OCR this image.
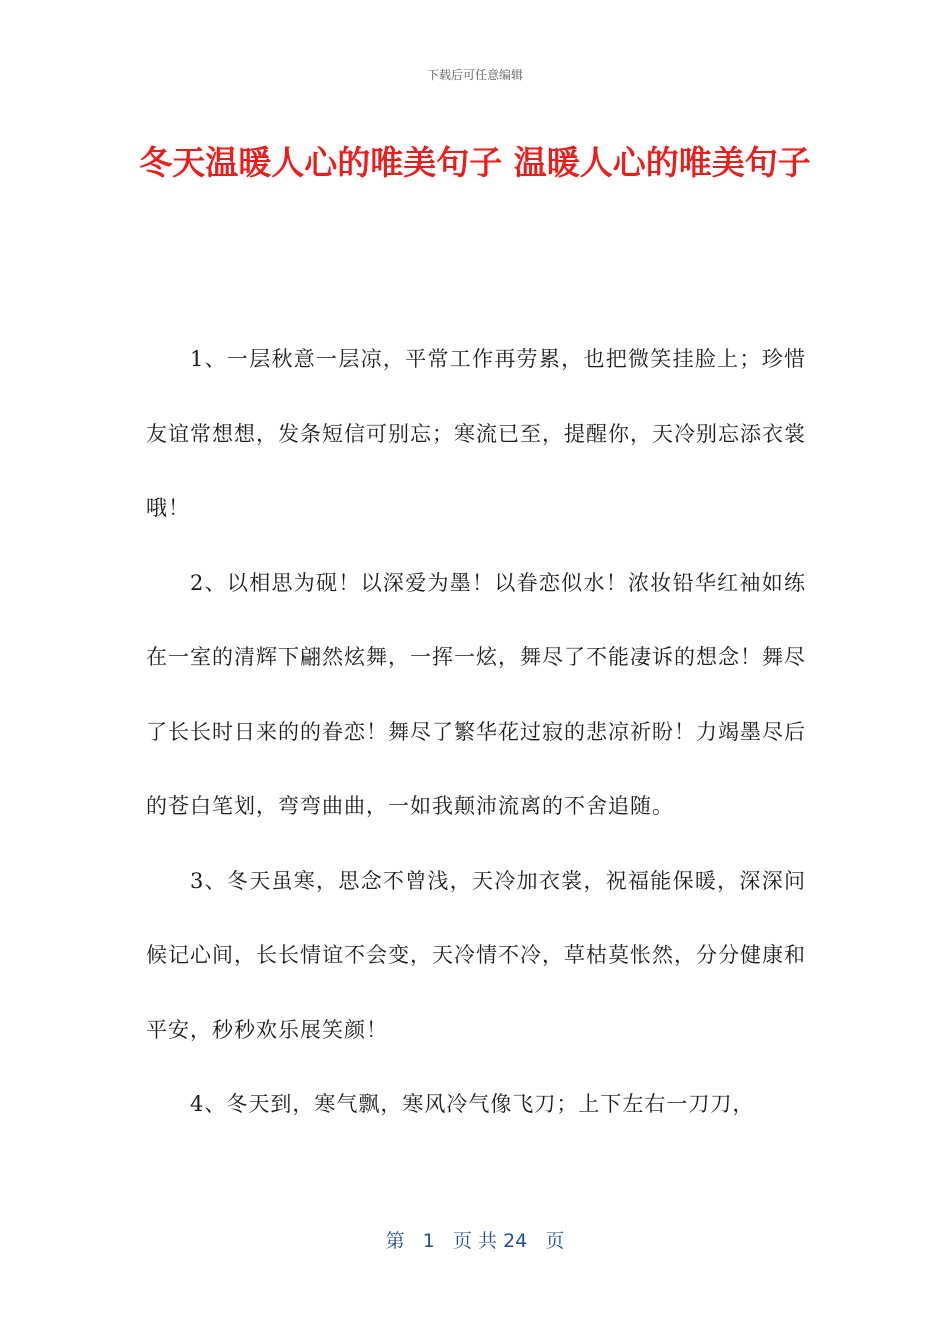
下载后可任意编辑
冬天温暖人心的唯美句子 温暖人心的唯美句子

1、一层秋意一层凉，平常工作再劳累，也把微笑挂脸上；珍惜友谊常想想，发条短信可别忘；寒流已至，提醒你，天冷别忘添衣裳哦！

2、以相思为砚！以深爱为墨！以眷恋似水！浓妆铅华红袖如练在一室的清辉下翩然炫舞，一挥一炫，舞尽了不能凄诉的想念！舞尽了长长时日来的的眷恋！舞尽了繁华花过寂的悲凉祈盼！力竭墨尽后的苍白笔划，弯弯曲曲，一如我颠沛流离的不舍追随。

3、冬天虽寒，思念不曾浅，天冷加衣裳，祝福能保暖，深深问候记心间，长长情谊不会变，天冷情不冷，草枯莫怅然，分分健康和平安，秒秒欢乐展笑颜！

4、冬天到，寒气飘，寒风冷气像飞刀；上下左右一刀刀，

第 1 页 共 24 页
